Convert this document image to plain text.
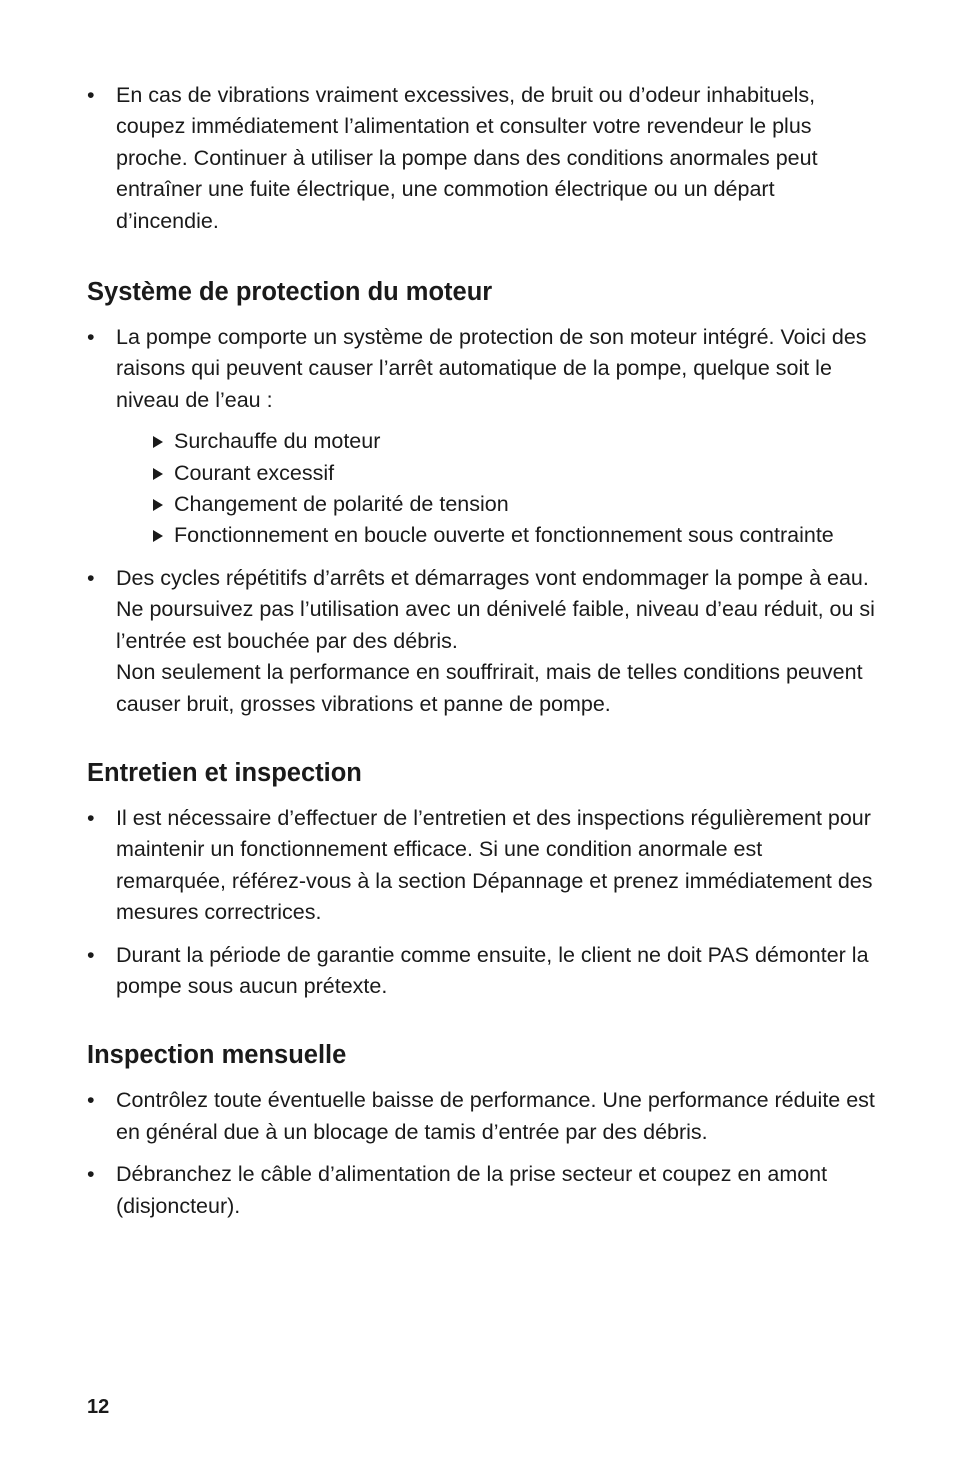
• En cas de vibrations vraiment excessives, de bruit ou d’odeur inhabituels, coupez immédiatement l’alimentation et consulter votre revendeur le plus proche. Continuer à utiliser la pompe dans des conditions anormales peut entraîner une fuite électrique, une commotion électrique ou un départ d’incendie.
Système de protection du moteur
• La pompe comporte un système de protection de son moteur intégré. Voici des raisons qui peuvent causer l’arrêt automatique de la pompe, quelque soit le niveau de l’eau :
Surchauffe du moteur
Courant excessif
Changement de polarité de tension
Fonctionnement en boucle ouverte et fonctionnement sous contrainte
• Des cycles répétitifs d’arrêts et démarrages vont endommager la pompe à eau. Ne poursuivez pas l’utilisation avec un dénivelé faible, niveau d’eau réduit, ou si l’entrée est bouchée par des débris.
Non seulement la performance en souffrirait, mais de telles conditions peuvent causer bruit, grosses vibrations et panne de pompe.
Entretien et inspection
• Il est nécessaire d’effectuer de l’entretien et des inspections régulièrement pour maintenir un fonctionnement efficace. Si une condition anormale est remarquée, référez-vous à la section Dépannage et prenez immédiatement des mesures correctrices.
• Durant la période de garantie comme ensuite, le client ne doit PAS démonter la pompe sous aucun prétexte.
Inspection mensuelle
• Contrôlez toute éventuelle baisse de performance. Une performance réduite est en général due à un blocage de tamis d’entrée par des débris.
• Débranchez le câble d’alimentation de la prise secteur et coupez en amont (disjoncteur).
12
